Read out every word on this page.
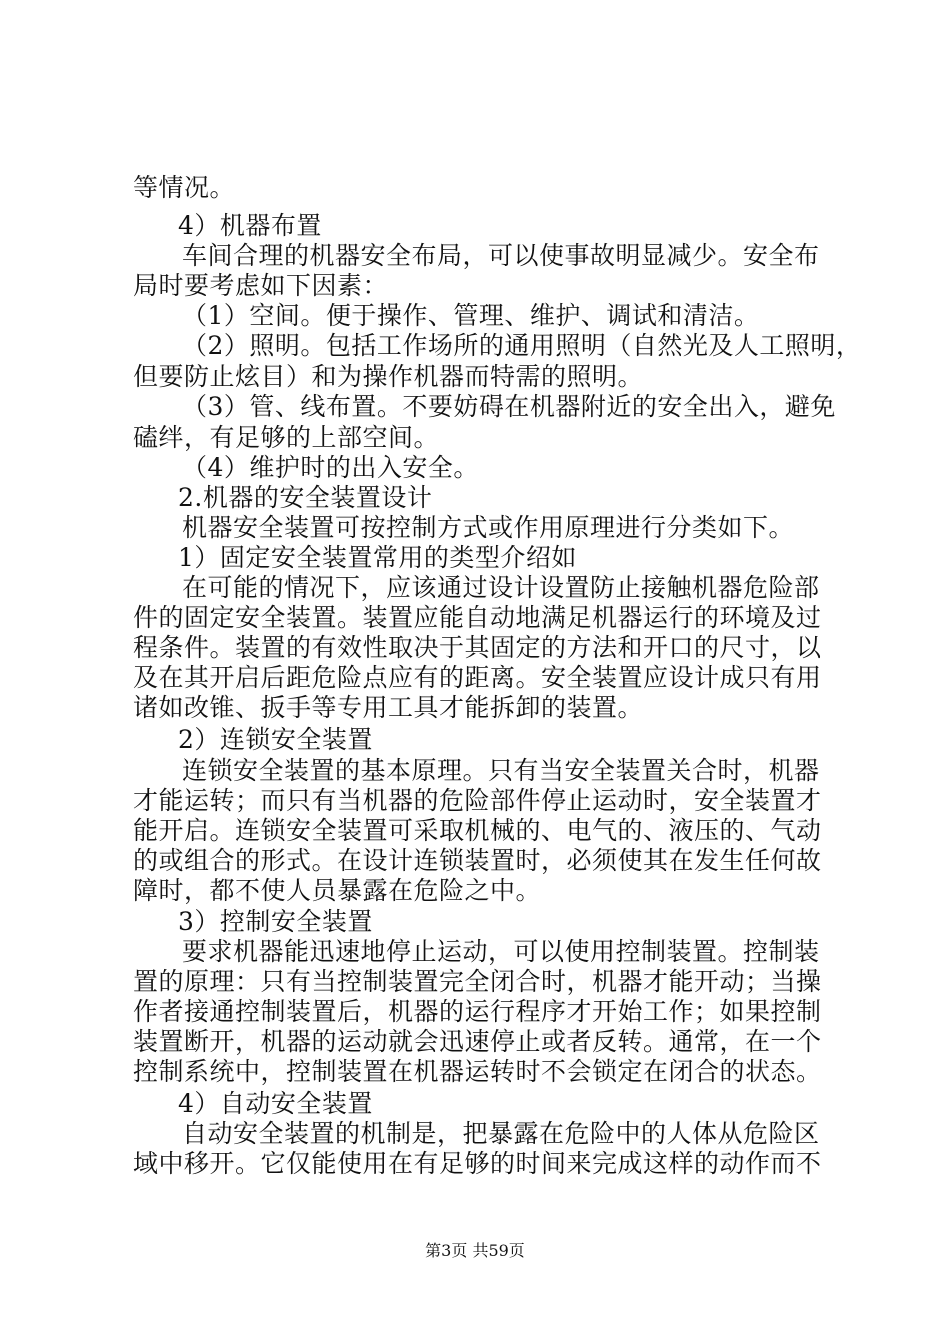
等情况。
4）机器布置
车间合理的机器安全布局，可以使事故明显减少。安全布
局时要考虑如下因素：
（1）空间。便于操作、管理、维护、调试和清洁。
（2）照明。包括工作场所的通用照明（自然光及人工照明，
但要防止炫目）和为操作机器而特需的照明。
（3）管、线布置。不要妨碍在机器附近的安全出入，避免
磕绊，有足够的上部空间。
（4）维护时的出入安全。
2.机器的安全装置设计
机器安全装置可按控制方式或作用原理进行分类如下。
1）固定安全装置常用的类型介绍如
在可能的情况下，应该通过设计设置防止接触机器危险部
件的固定安全装置。装置应能自动地满足机器运行的环境及过
程条件。装置的有效性取决于其固定的方法和开口的尺寸，以
及在其开启后距危险点应有的距离。安全装置应设计成只有用
诸如改锥、扳手等专用工具才能拆卸的装置。
2）连锁安全装置
连锁安全装置的基本原理。只有当安全装置关合时，机器
才能运转；而只有当机器的危险部件停止运动时，安全装置才
能开启。连锁安全装置可采取机械的、电气的、液压的、气动
的或组合的形式。在设计连锁装置时，必须使其在发生任何故
障时，都不使人员暴露在危险之中。
3）控制安全装置
要求机器能迅速地停止运动，可以使用控制装置。控制装
置的原理：只有当控制装置完全闭合时，机器才能开动；当操
作者接通控制装置后，机器的运行程序才开始工作；如果控制
装置断开，机器的运动就会迅速停止或者反转。通常，在一个
控制系统中，控制装置在机器运转时不会锁定在闭合的状态。
4）自动安全装置
自动安全装置的机制是，把暴露在危险中的人体从危险区
域中移开。它仅能使用在有足够的时间来完成这样的动作而不
第3页 共59页
